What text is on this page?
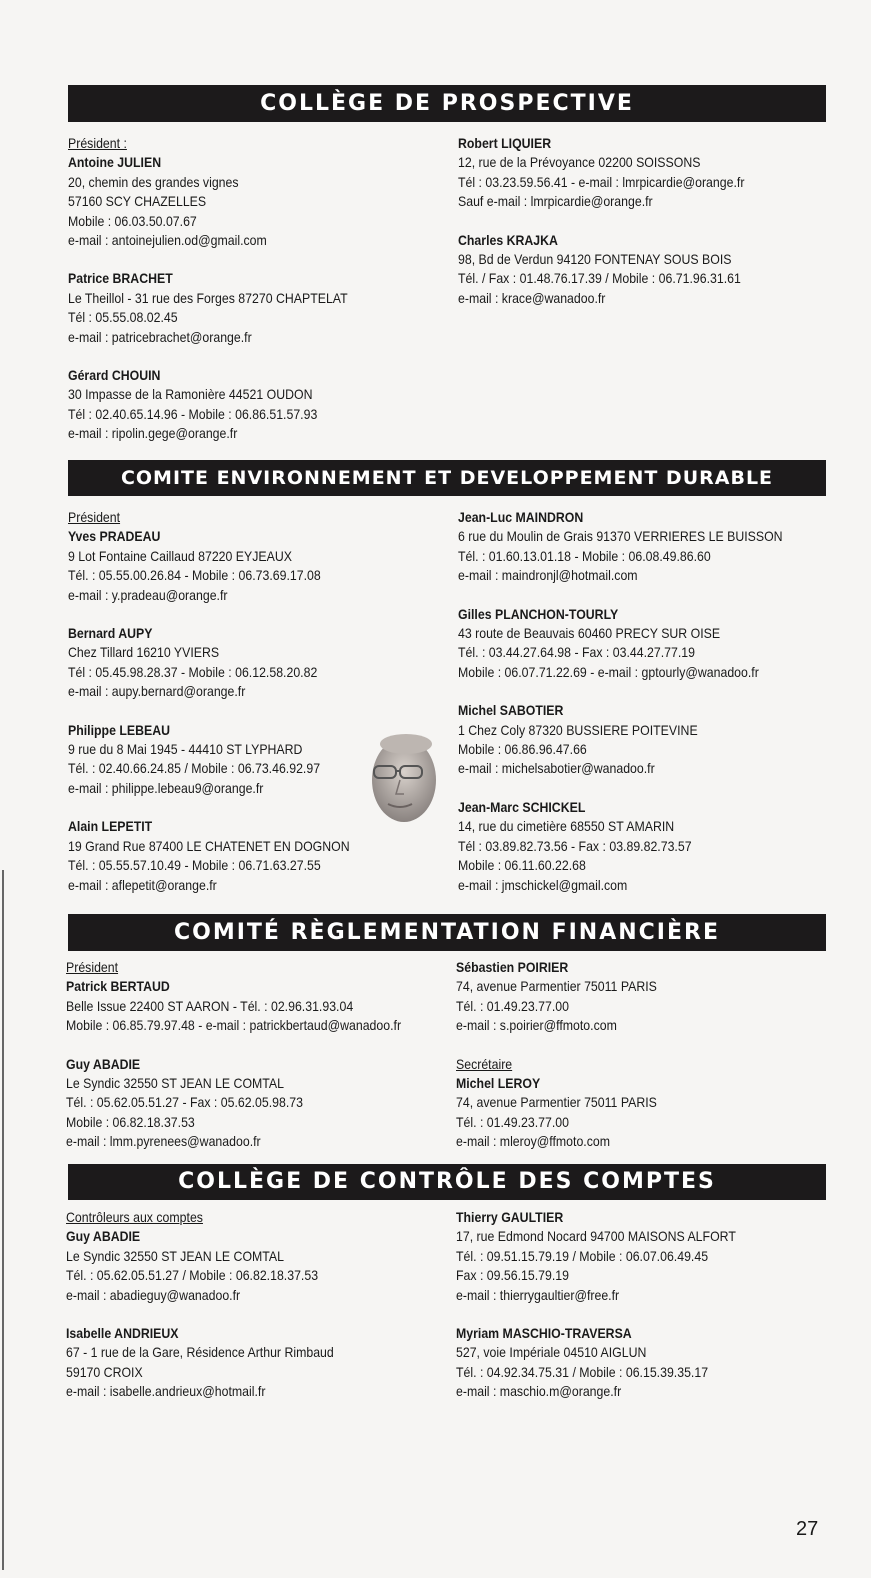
COLLÈGE DE PROSPECTIVE
Président :
Antoine JULIEN
20, chemin des grandes vignes
57160 SCY CHAZELLES
Mobile : 06.03.50.07.67
e-mail : antoinejulien.od@gmail.com
Patrice BRACHET
Le Theillol - 31 rue des Forges 87270 CHAPTELAT
Tél : 05.55.08.02.45
e-mail : patricebrachet@orange.fr
Gérard CHOUIN
30 Impasse de la Ramonière 44521 OUDON
Tél : 02.40.65.14.96 - Mobile : 06.86.51.57.93
e-mail : ripolin.gege@orange.fr
Robert LIQUIER
12, rue de la Prévoyance 02200 SOISSONS
Tél : 03.23.59.56.41 - e-mail : lmrpicardie@orange.fr
Sauf e-mail : lmrpicardie@orange.fr
Charles KRAJKA
98, Bd de Verdun 94120 FONTENAY SOUS BOIS
Tél. / Fax : 01.48.76.17.39 / Mobile : 06.71.96.31.61
e-mail : krace@wanadoo.fr
COMITE ENVIRONNEMENT ET DEVELOPPEMENT DURABLE
Président
Yves PRADEAU
9 Lot Fontaine Caillaud 87220 EYJEAUX
Tél. : 05.55.00.26.84 - Mobile : 06.73.69.17.08
e-mail : y.pradeau@orange.fr
Bernard AUPY
Chez Tillard 16210 YVIERS
Tél : 05.45.98.28.37 - Mobile : 06.12.58.20.82
e-mail : aupy.bernard@orange.fr
Philippe LEBEAU
9 rue du 8 Mai 1945 - 44410 ST LYPHARD
Tél. : 02.40.66.24.85 / Mobile : 06.73.46.92.97
e-mail : philippe.lebeau9@orange.fr
Alain LEPETIT
19 Grand Rue 87400 LE CHATENET EN DOGNON
Tél. : 05.55.57.10.49 - Mobile : 06.71.63.27.55
e-mail : aflepetit@orange.fr
Jean-Luc MAINDRON
6 rue du Moulin de Grais 91370 VERRIERES LE BUISSON
Tél. : 01.60.13.01.18 - Mobile : 06.08.49.86.60
e-mail : maindronjl@hotmail.com
Gilles PLANCHON-TOURLY
43 route de Beauvais 60460 PRECY SUR OISE
Tél. : 03.44.27.64.98 - Fax : 03.44.27.77.19
Mobile : 06.07.71.22.69 - e-mail : gptourly@wanadoo.fr
Michel SABOTIER
1 Chez Coly 87320 BUSSIERE POITEVINE
Mobile : 06.86.96.47.66
e-mail : michelsabotier@wanadoo.fr
Jean-Marc SCHICKEL
14, rue du cimetière 68550 ST AMARIN
Tél : 03.89.82.73.56 - Fax : 03.89.82.73.57
Mobile : 06.11.60.22.68
e-mail : jmschickel@gmail.com
COMITÉ RÈGLEMENTATION FINANCIÈRE
Président
Patrick BERTAUD
Belle Issue 22400 ST AARON - Tél. : 02.96.31.93.04
Mobile : 06.85.79.97.48 - e-mail : patrickbertaud@wanadoo.fr
Guy ABADIE
Le Syndic 32550 ST JEAN LE COMTAL
Tél. : 05.62.05.51.27 - Fax : 05.62.05.98.73
Mobile : 06.82.18.37.53
e-mail : lmm.pyrenees@wanadoo.fr
Sébastien POIRIER
74, avenue Parmentier 75011 PARIS
Tél. : 01.49.23.77.00
e-mail : s.poirier@ffmoto.com
Secrétaire
Michel LEROY
74, avenue Parmentier 75011 PARIS
Tél. : 01.49.23.77.00
e-mail : mleroy@ffmoto.com
COLLÈGE DE CONTRÔLE DES COMPTES
Contrôleurs aux comptes
Guy ABADIE
Le Syndic 32550 ST JEAN LE COMTAL
Tél. : 05.62.05.51.27 / Mobile : 06.82.18.37.53
e-mail : abadieguy@wanadoo.fr
Isabelle ANDRIEUX
67 - 1 rue de la Gare, Résidence Arthur Rimbaud
59170 CROIX
e-mail : isabelle.andrieux@hotmail.fr
Thierry GAULTIER
17, rue Edmond Nocard 94700 MAISONS ALFORT
Tél. : 09.51.15.79.19 / Mobile : 06.07.06.49.45
Fax : 09.56.15.79.19
e-mail : thierrygaultier@free.fr
Myriam MASCHIO-TRAVERSA
527, voie Impériale 04510 AIGLUN
Tél. : 04.92.34.75.31 / Mobile : 06.15.39.35.17
e-mail : maschio.m@orange.fr
27
